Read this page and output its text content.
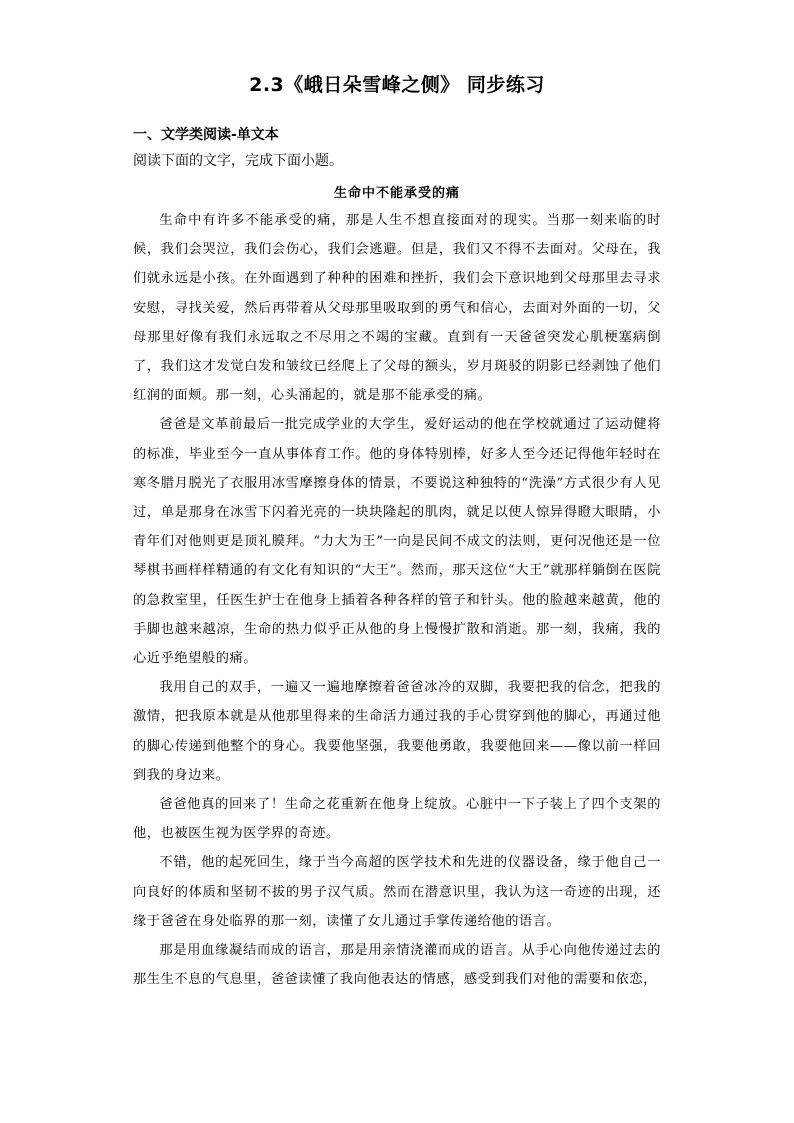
2.3《峨日朵雪峰之侧》 同步练习
一、文学类阅读-单文本
阅读下面的文字，完成下面小题。
生命中不能承受的痛

生命中有许多不能承受的痛，那是人生不想直接面对的现实。当那一刻来临的时候，我们会哭泣，我们会伤心，我们会逃避。但是，我们又不得不去面对。父母在，我们就永远是小孩。在外面遇到了种种的困难和挫折，我们会下意识地到父母那里去寻求安慰，寻找关爱，然后再带着从父母那里吸取到的勇气和信心，去面对外面的一切，父母那里好像有我们永远取之不尽用之不竭的宝藏。直到有一天爸爸突发心肌梗塞病倒了，我们这才发觉白发和皱纹已经爬上了父母的额头，岁月斑驳的阴影已经剥蚀了他们红润的面颊。那一刻，心头涌起的，就是那不能承受的痛。

爸爸是文革前最后一批完成学业的大学生，爱好运动的他在学校就通过了运动健将的标准，毕业至今一直从事体育工作。他的身体特别棒，好多人至今还记得他年轻时在寒冬腊月脱光了衣服用冰雪摩擦身体的情景，不要说这种独特的“洗澡”方式很少有人见过，单是那身在冰雪下闪着光亮的一块块隆起的肌肉，就足以使人惊异得瞪大眼睛，小青年们对他则更是顶礼膜拜。“力大为王”一向是民间不成文的法则，更何况他还是一位琴棋书画样样精通的有文化有知识的“大王”。然而，那天这位“大王”就那样躺倒在医院的急救室里，任医生护士在他身上插着各种各样的管子和针头。他的脸越来越黄，他的手脚也越来越凉，生命的热力似乎正从他的身上慢慢扩散和消逝。那一刻，我痛，我的心近乎绝望般的痛。

我用自己的双手，一遍又一遍地摩擦着爸爸冰冷的双脚，我要把我的信念，把我的激情，把我原本就是从他那里得来的生命活力通过我的手心贯穿到他的脚心，再通过他的脚心传递到他整个的身心。我要他坚强，我要他勇敢，我要他回来——像以前一样回到我的身边来。

爸爸他真的回来了！生命之花重新在他身上绽放。心脏中一下子装上了四个支架的他，也被医生视为医学界的奇迹。

不错，他的起死回生，缘于当今高超的医学技术和先进的仪器设备，缘于他自己一向良好的体质和坚韧不拔的男子汉气质。然而在潜意识里，我认为这一奇迹的出现，还缘于爸爸在身处临界的那一刻，读懂了女儿通过手掌传递给他的语言。

那是用血缘凝结而成的语言，那是用亲情浇灌而成的语言。从手心向他传递过去的那生生不息的气息里，爸爸读懂了我向他表达的情感，感受到我们对他的需要和依恋，
